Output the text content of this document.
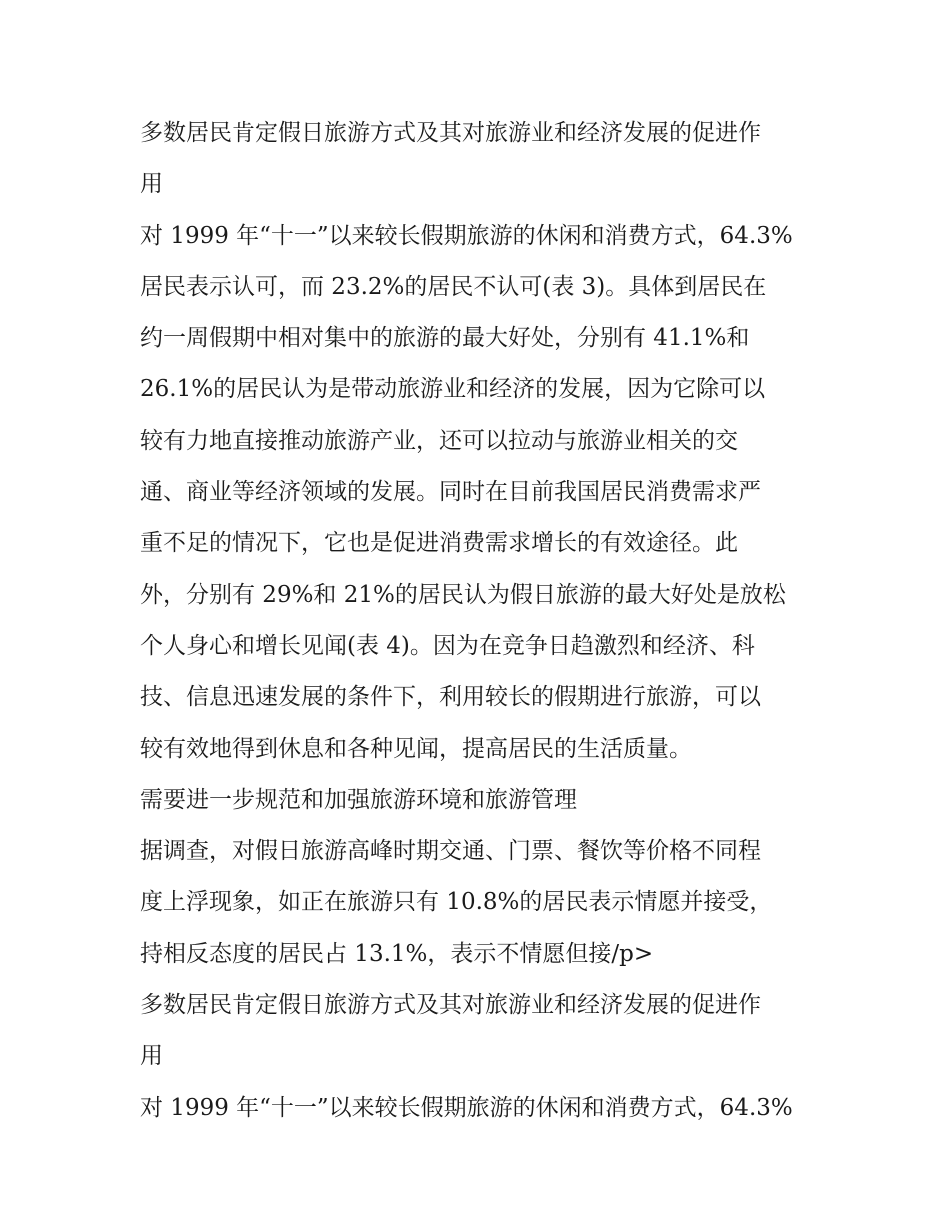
多数居民肯定假日旅游方式及其对旅游业和经济发展的促进作
用
对 1999 年“十一”以来较长假期旅游的休闲和消费方式，64.3%
居民表示认可，而 23.2%的居民不认可(表 3)。具体到居民在
约一周假期中相对集中的旅游的最大好处，分别有 41.1%和
26.1%的居民认为是带动旅游业和经济的发展，因为它除可以
较有力地直接推动旅游产业，还可以拉动与旅游业相关的交
通、商业等经济领域的发展。同时在目前我国居民消费需求严
重不足的情况下，它也是促进消费需求增长的有效途径。此
外，分别有 29%和 21%的居民认为假日旅游的最大好处是放松
个人身心和增长见闻(表 4)。因为在竞争日趋激烈和经济、科
技、信息迅速发展的条件下，利用较长的假期进行旅游，可以
较有效地得到休息和各种见闻，提高居民的生活质量。
需要进一步规范和加强旅游环境和旅游管理
据调查，对假日旅游高峰时期交通、门票、餐饮等价格不同程
度上浮现象，如正在旅游只有 10.8%的居民表示情愿并接受，
持相反态度的居民占 13.1%，表示不情愿但接/p>
多数居民肯定假日旅游方式及其对旅游业和经济发展的促进作
用
对 1999 年“十一”以来较长假期旅游的休闲和消费方式，64.3%
